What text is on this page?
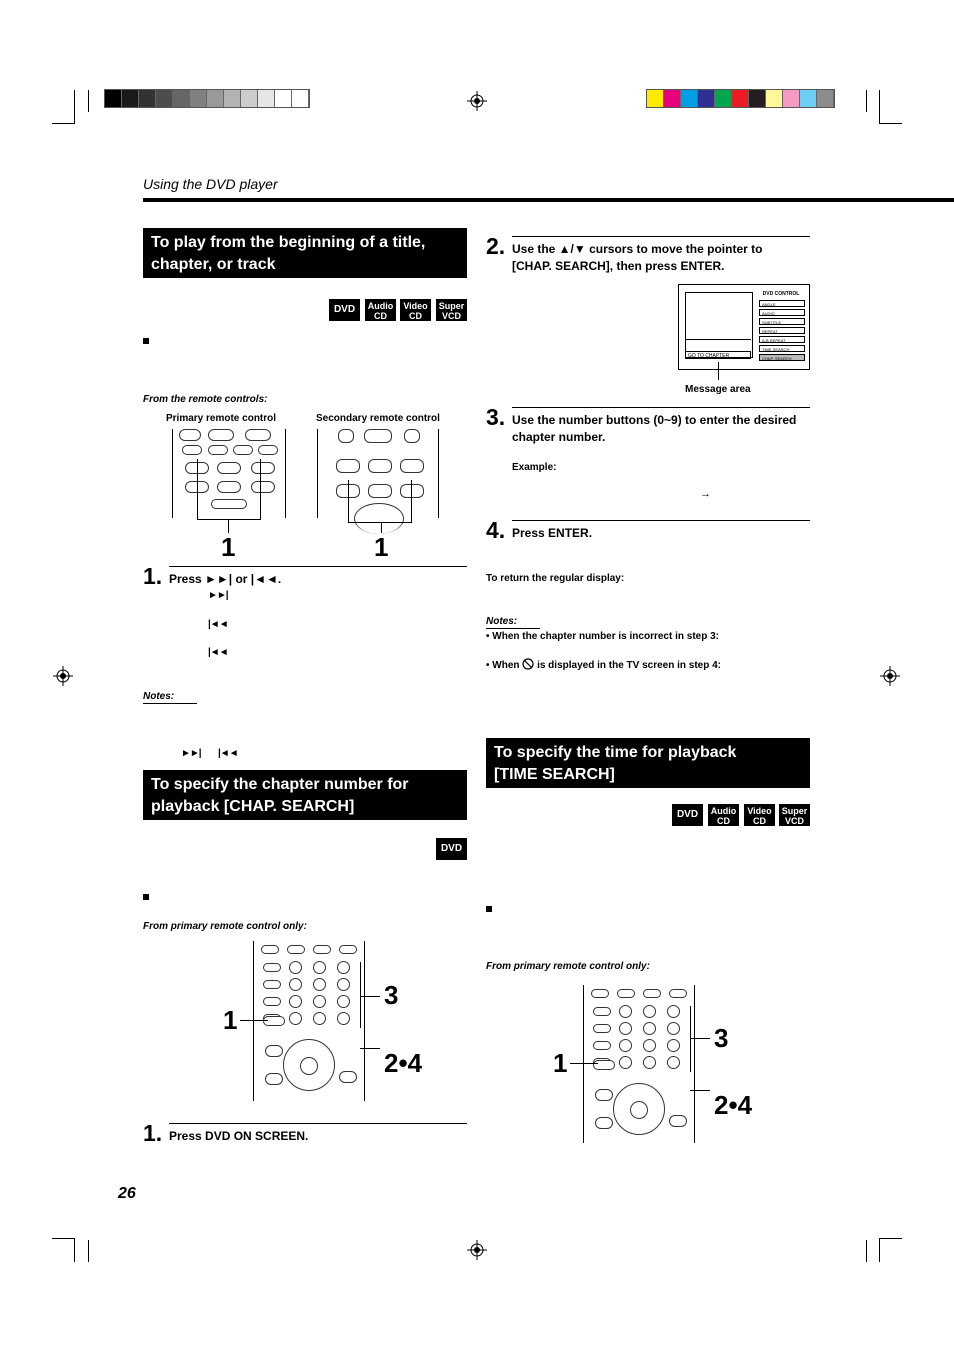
Using the DVD player
To play from the beginning of a title,
chapter, or track
DVD	Audio
CD
Video
CD
Super
VCD
From the remote controls:
Primary remote control	Secondary remote control
1	1
1. Press ►►| or |◄◄.
►►|
|◄◄
|◄◄
Notes:
►►| |◄◄
To specify the chapter number for
playback [CHAP. SEARCH]
DVD
From primary remote control only:
1
3
2•4
1. Press DVD ON SCREEN.
2. Use the ▲/▼ cursors to move the pointer to
[CHAP. SEARCH], then press ENTER.
GO TO CHAPTER
DVD CONTROL
ANGLE
AUDIO
SUBTITLE
REPEAT
A-B REPEAT
TIME SEARCH
CHAP. SEARCH
Message area
3. Use the number buttons (0~9) to enter the desired
chapter number.
Example:
→
4. Press ENTER.
To return the regular display:
Notes:
• When the chapter number is incorrect in step 3:
• When is displayed in the TV screen in step 4:
To specify the time for playback
[TIME SEARCH]
DVD	Audio
CD
Video
CD
Super
VCD
From primary remote control only:
1
3
2•4
26
